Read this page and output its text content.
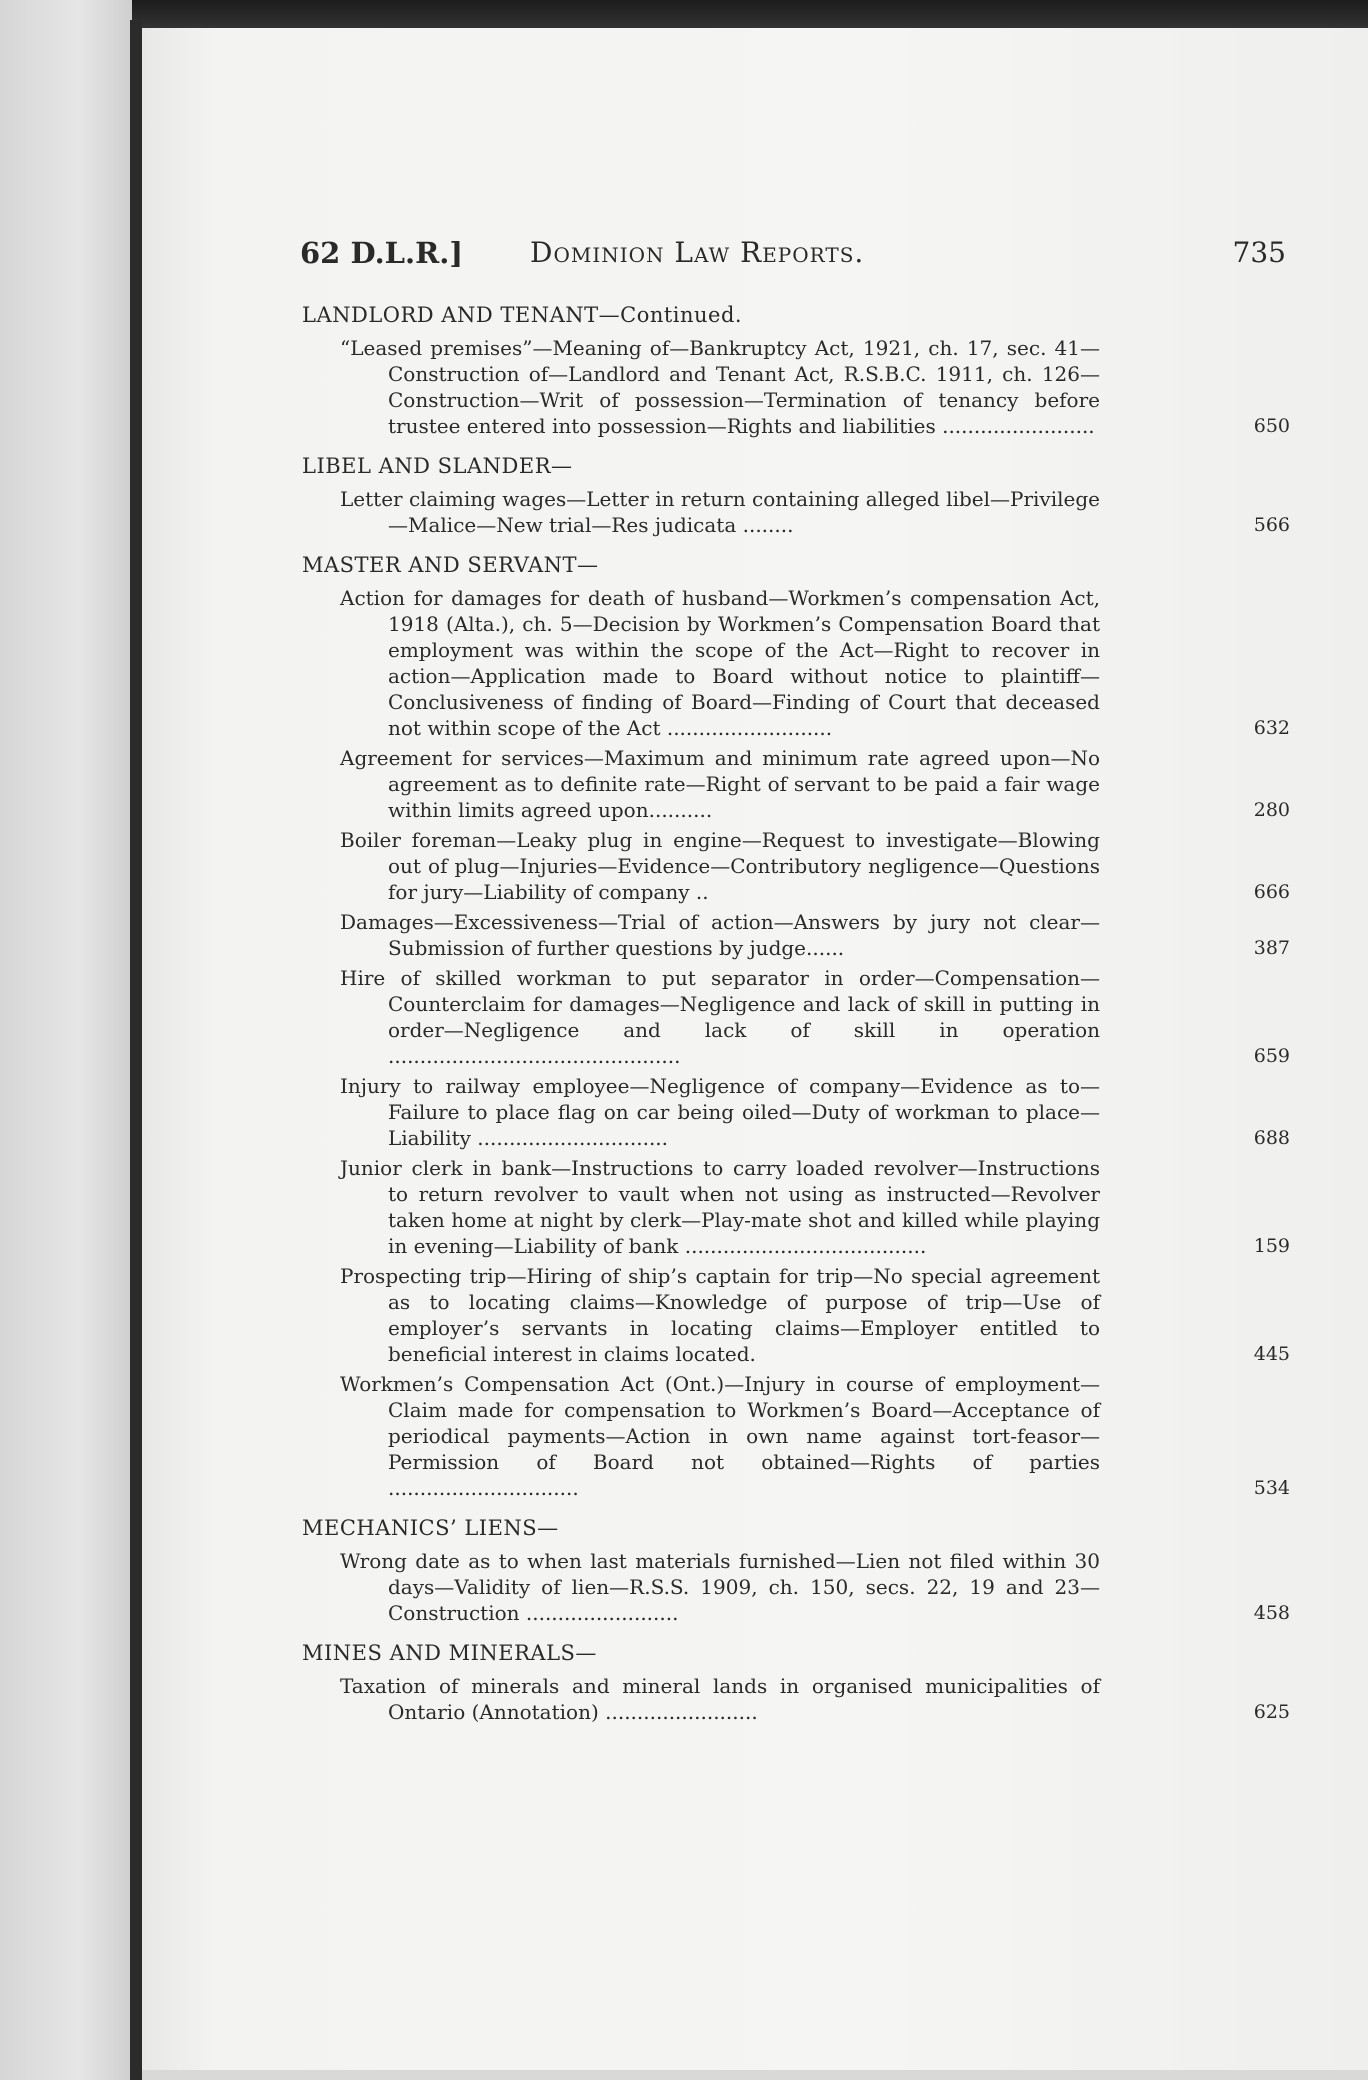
62 D.L.R.] Dominion Law Reports.	735
LANDLORD AND TENANT—Continued.
“Leased premises”—Meaning of—Bankruptcy Act, 1921, ch. 17, sec. 41—Construction of—Landlord and Tenant Act, R.S.B.C. 1911, ch. 126—Construction—Writ of possession—Termination of tenancy before trustee entered into possession—Rights and liabilities ........................	650
LIBEL AND SLANDER—
Letter claiming wages—Letter in return containing alleged libel—Privilege—Malice—New trial—Res judicata ........	566
MASTER AND SERVANT—
Action for damages for death of husband—Workmen’s compensation Act, 1918 (Alta.), ch. 5—Decision by Workmen’s Compensation Board that employment was within the scope of the Act—Right to recover in action—Application made to Board without notice to plaintiff—Conclusiveness of finding of Board—Finding of Court that deceased not within scope of the Act ..........................	632
Agreement for services—Maximum and minimum rate agreed upon—No agreement as to definite rate—Right of servant to be paid a fair wage within limits agreed upon..........	280
Boiler foreman—Leaky plug in engine—Request to investigate—Blowing out of plug—Injuries—Evidence—Contributory negligence—Questions for jury—Liability of company ..	666
Damages—Excessiveness—Trial of action—Answers by jury not clear—Submission of further questions by judge......	387
Hire of skilled workman to put separator in order—Compensation—Counterclaim for damages—Negligence and lack of skill in putting in order—Negligence and lack of skill in operation ..............................................	659
Injury to railway employee—Negligence of company—Evidence as to—Failure to place flag on car being oiled—Duty of workman to place—Liability ..............................	688
Junior clerk in bank—Instructions to carry loaded revolver—Instructions to return revolver to vault when not using as instructed—Revolver taken home at night by clerk—Play-mate shot and killed while playing in evening—Liability of bank ......................................	159
Prospecting trip—Hiring of ship’s captain for trip—No special agreement as to locating claims—Knowledge of purpose of trip—Use of employer’s servants in locating claims—Employer entitled to beneficial interest in claims located.	445
Workmen’s Compensation Act (Ont.)—Injury in course of employment—Claim made for compensation to Workmen’s Board—Acceptance of periodical payments—Action in own name against tort-feasor—Permission of Board not obtained—Rights of parties ..............................	534
MECHANICS’ LIENS—
Wrong date as to when last materials furnished—Lien not filed within 30 days—Validity of lien—R.S.S. 1909, ch. 150, secs. 22, 19 and 23—Construction ........................	458
MINES AND MINERALS—
Taxation of minerals and mineral lands in organised municipalities of Ontario (Annotation) ........................	625
